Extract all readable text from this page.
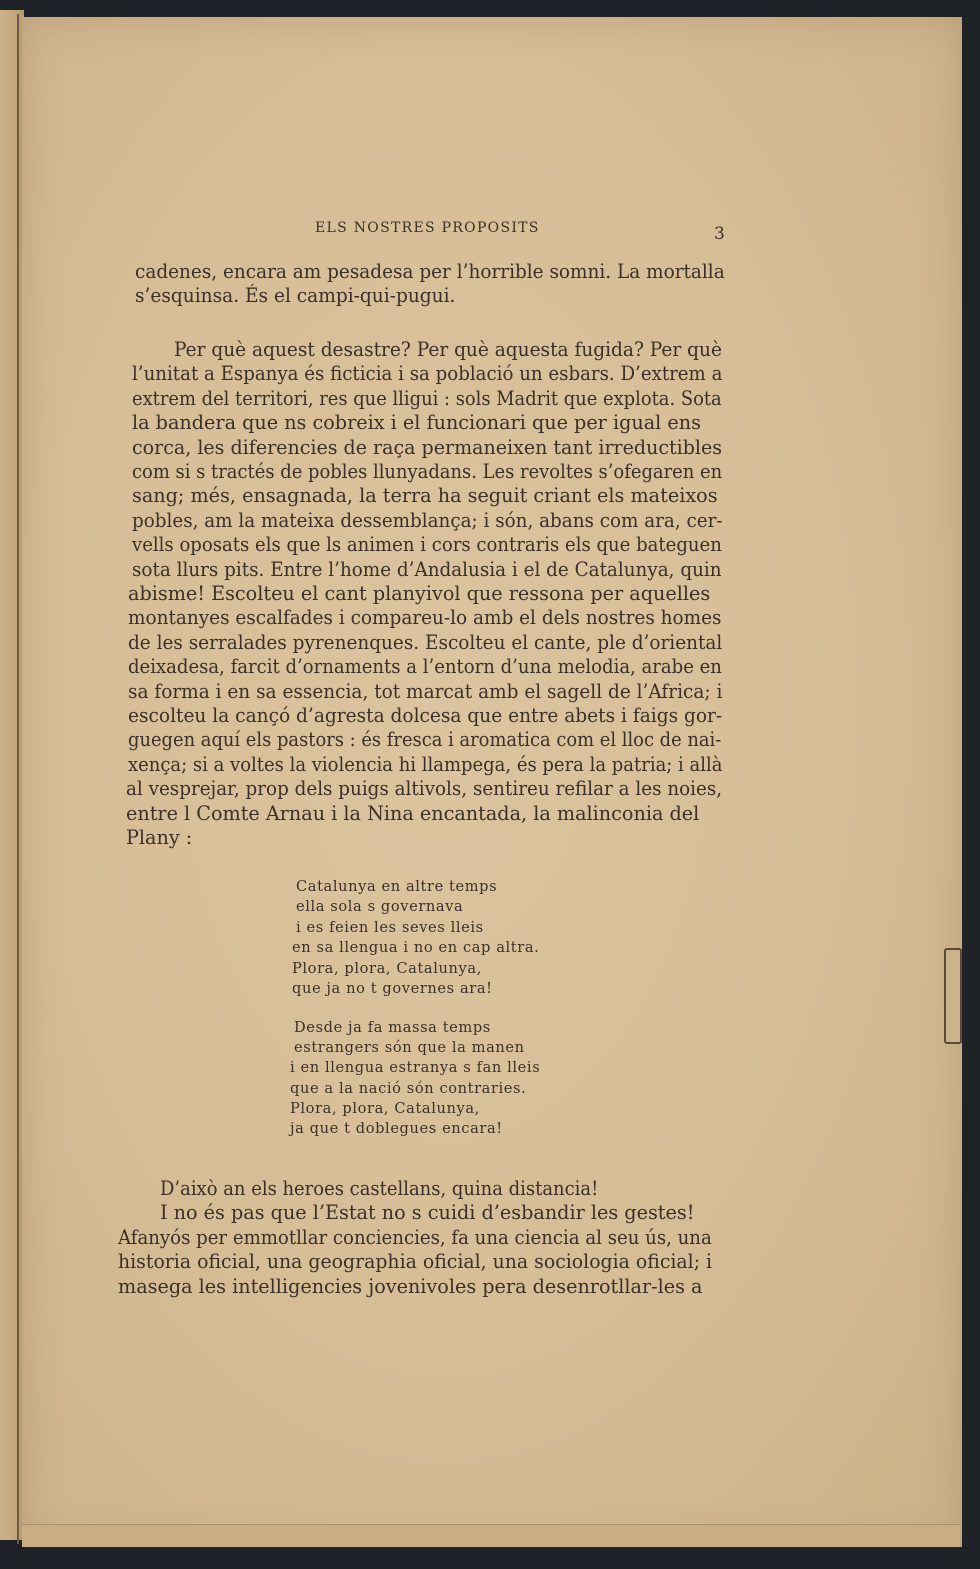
ELS NOSTRES PROPOSITS	3
cadenes, encara am pesadesa per l’horrible somni. La mortalla
s’esquinsa. És el campi-qui-pugui.
Per què aquest desastre? Per què aquesta fugida? Per què
l’unitat a Espanya és ficticia i sa població un esbars. D’extrem a
extrem del territori, res que lligui : sols Madrit que explota. Sota
la bandera que ns cobreix i el funcionari que per igual ens
corca, les diferencies de raça permaneixen tant irreductibles
com si s tractés de pobles llunyadans. Les revoltes s’ofegaren en
sang; més, ensagnada, la terra ha seguit criant els mateixos
pobles, am la mateixa dessemblança; i són, abans com ara, cer-
vells oposats els que ls animen i cors contraris els que bateguen
sota llurs pits. Entre l’home d’Andalusia i el de Catalunya, quin
abisme! Escolteu el cant planyivol que ressona per aquelles
montanyes escalfades i compareu-lo amb el dels nostres homes
de les serralades pyrenenques. Escolteu el cante, ple d’oriental
deixadesa, farcit d’ornaments a l’entorn d’una melodia, arabe en
sa forma i en sa essencia, tot marcat amb el sagell de l’Africa; i
escolteu la cançó d’agresta dolcesa que entre abets i faigs gor-
guegen aquí els pastors : és fresca i aromatica com el lloc de nai-
xença; si a voltes la violencia hi llampega, és pera la patria; i allà
al vesprejar, prop dels puigs altivols, sentireu refilar a les noies,
entre l Comte Arnau i la Nina encantada, la malinconia del
Plany :
Catalunya en altre temps
ella sola s governava
i es feien les seves lleis
en sa llengua i no en cap altra.
Plora, plora, Catalunya,
que ja no t governes ara!
Desde ja fa massa temps
estrangers són que la manen
i en llengua estranya s fan lleis
que a la nació són contraries.
Plora, plora, Catalunya,
ja que t doblegues encara!
D’això an els heroes castellans, quina distancia!
I no és pas que l’Estat no s cuidi d’esbandir les gestes!
Afanyós per emmotllar conciencies, fa una ciencia al seu ús, una
historia oficial, una geographia oficial, una sociologia oficial; i
masega les intelligencies jovenivoles pera desenrotllar-les a
